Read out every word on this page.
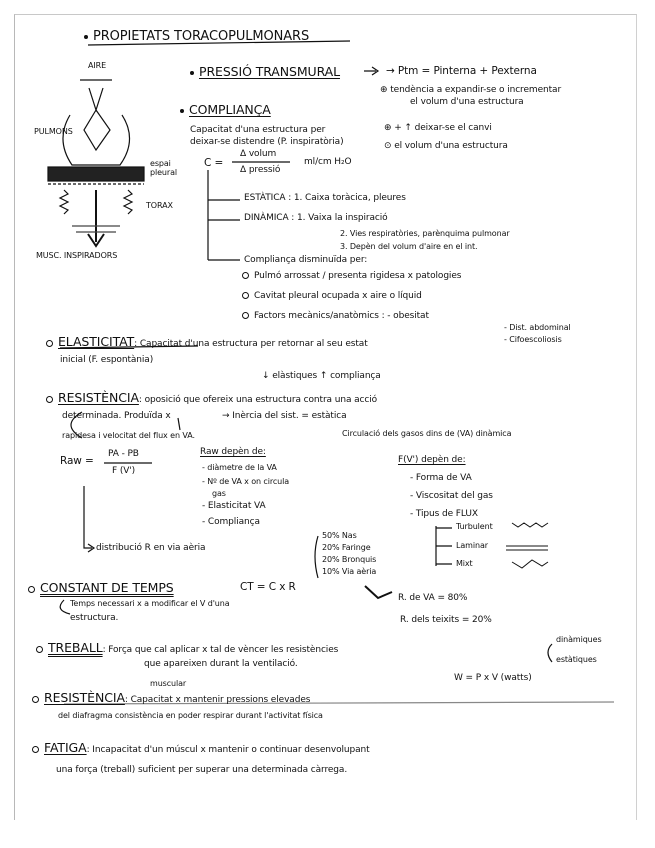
PROPIETATS TORACOPULMONARS
AIRE
PULMONS
espai
pleural
TORAX
MUSC. INSPIRADORS
PRESSIÓ TRANSMURAL	→ Ptm = Pinterna + Pexterna
⊕ tendència a expandir-se o incrementar
el volum d'una estructura
COMPLIANÇA
Capacitat d'una estructura per
deixar-se distendre (P. inspiratòria)
⊕ + ↑ deixar-se el canvi
⊙ el volum d'una estructura
C =
Δ volum
Δ pressió
ml/cm H₂O
ESTÀTICA : 1. Caixa toràcica, pleures
DINÀMICA : 1. Vaixa la inspiració
2. Vies respiratòries, parènquima pulmonar
3. Depèn del volum d'aire en el int.
Compliança disminuïda per:
Pulmó arrossat / presenta rigidesa x patologies
Cavitat pleural ocupada x aire o líquid
Factors mecànics/anatòmics : - obesitat
- Dist. abdominal
- Cifoescoliosis
ELASTICITAT: Capacitat d'una estructura per retornar al seu estat
inicial (F. espontània)
↓ elàstiques ↑ compliança
RESISTÈNCIA: oposició que ofereix una estructura contra una acció
determinada. Produïda x	→ Inèrcia del sist. = estàtica
Circulació dels gasos dins de (VA) dinàmica
rapidesa i velocitat del flux en VA.
Raw =
PA - PB
F (V')
Raw depèn de:
- diàmetre de la VA
- Nº de VA x on circula
gas
- Elasticitat VA
- Compliança
F(V') depèn de:
- Forma de VA
- Viscositat del gas
- Tipus de FLUX
Turbulent
Laminar
Mixt
distribució R en via aèria
50% Nas
20% Faringe
20% Bronquis
10% Via aèria
CONSTANT DE TEMPS	CT = C x R
Temps necessari x a modificar el V d'una
estructura.
R. de VA = 80%
R. dels teixits = 20%
TREBALL: Força que cal aplicar x tal de vèncer les resistències
que apareixen durant la ventilació.
dinàmiques
estàtiques
W = P x V (watts)
muscular
RESISTÈNCIA: Capacitat x mantenir pressions elevades
del diafragma consistència en poder respirar durant l'activitat física
FATIGA: Incapacitat d'un múscul x mantenir o continuar desenvolupant
una força (treball) suficient per superar una determinada càrrega.
